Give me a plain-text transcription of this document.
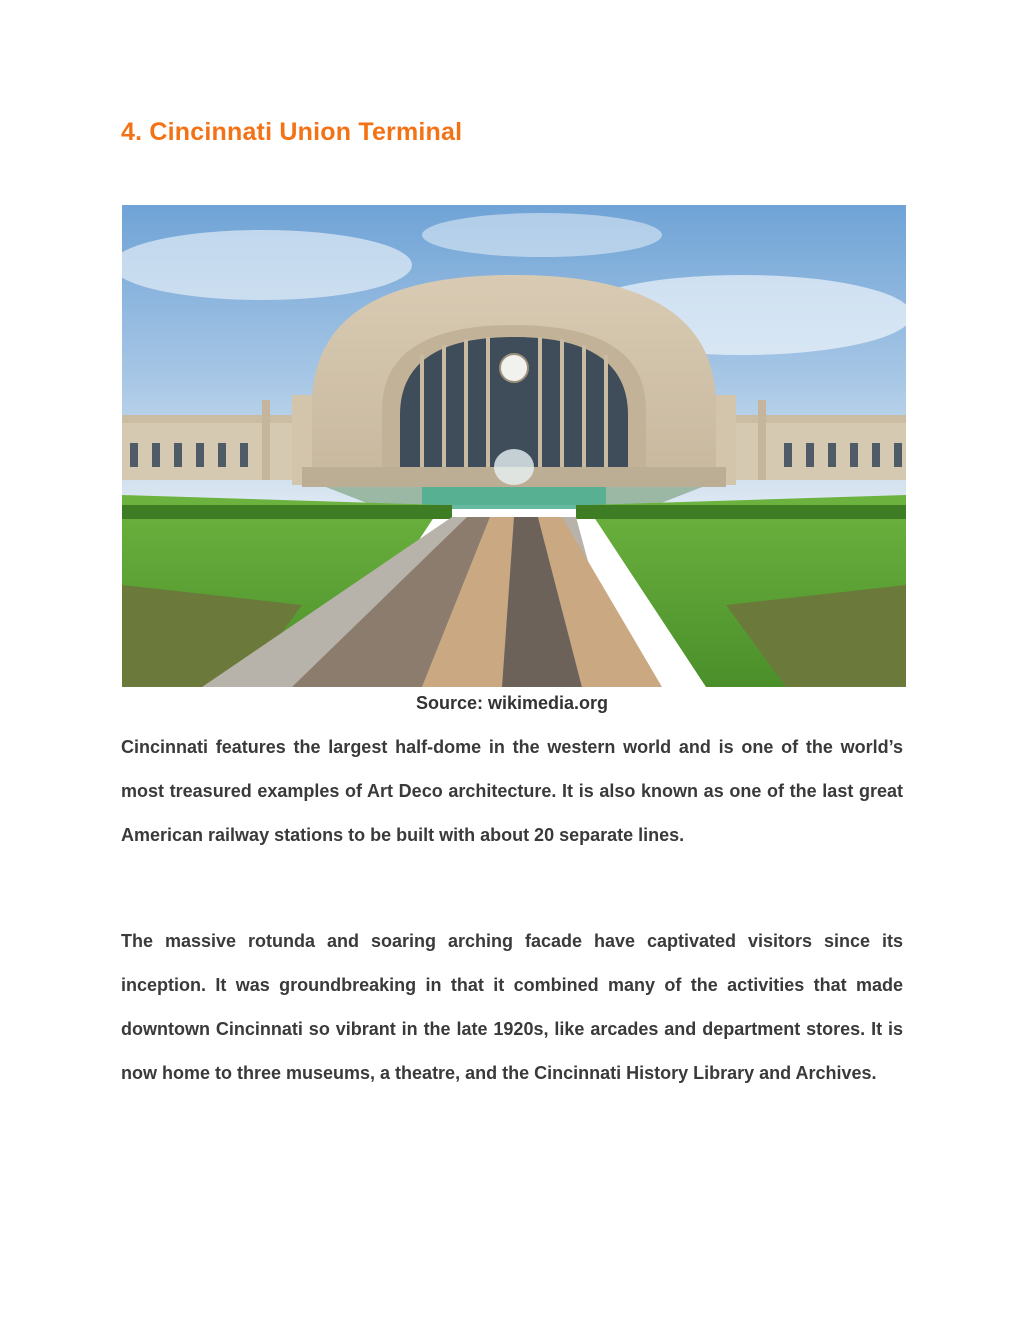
4. Cincinnati Union Terminal
Source: wikimedia.org

Cincinnati features the largest half-dome in the western world and is one of the world’s most treasured examples of Art Deco architecture. It is also known as one of the last great American railway stations to be built with about 20 separate lines.

The massive rotunda and soaring arching facade have captivated visitors since its inception. It was groundbreaking in that it combined many of the activities that made downtown Cincinnati so vibrant in the late 1920s, like arcades and department stores. It is now home to three museums, a theatre, and the Cincinnati History Library and Archives.
